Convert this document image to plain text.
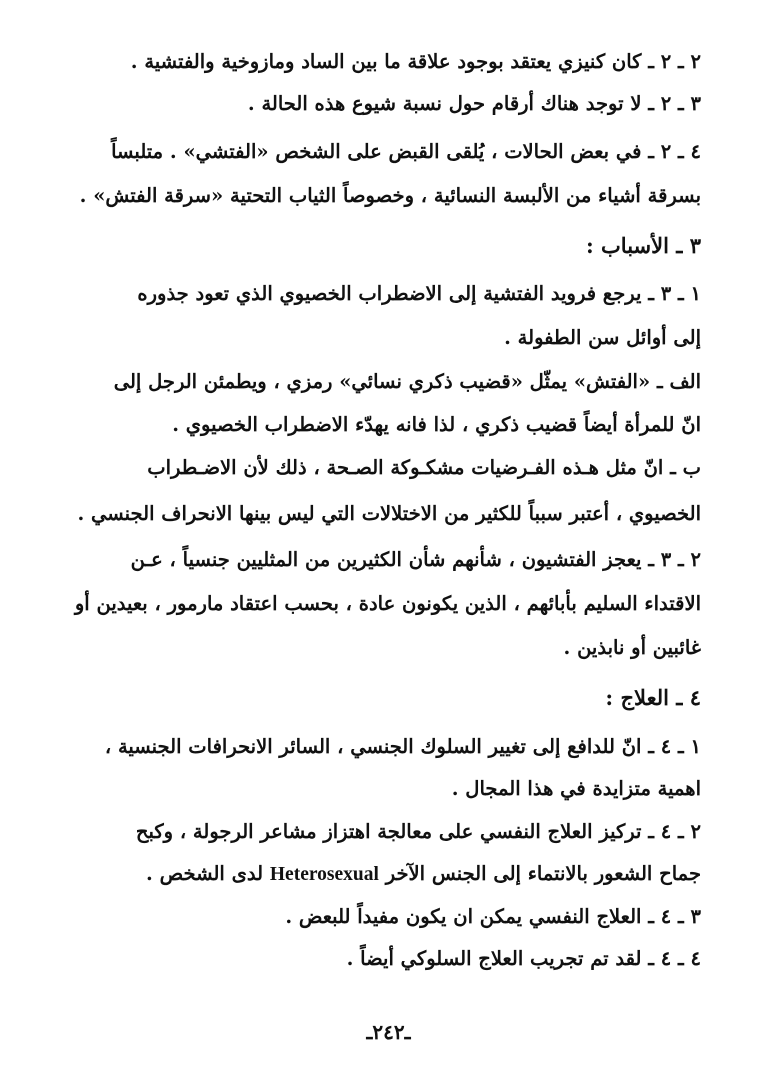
٢ ـ ٢ ـ كان كنيزي يعتقد بوجود علاقة ما بين الساد ومازوخية والفتشية .
٣ ـ ٢ ـ لا توجد هناك أرقام حول نسبة شيوع هذه الحالة .
٤ ـ ٢ ـ في بعض الحالات ، يُلقى القبض على الشخص «الفتشي» . متلبساً
بسرقة أشياء من الألبسة النسائية ، وخصوصاً الثياب التحتية «سرقة الفتش» .
٣ ـ الأسباب :
١ ـ ٣ ـ يرجع فرويد الفتشية إلى الاضطراب الخصيوي الذي تعود جذوره
إلى أوائل سن الطفولة .
الف ـ «الفتش» يمثّل «قضيب ذكري نسائي» رمزي ، ويطمئن الرجل إلى
انّ للمرأة أيضاً قضيب ذكري ، لذا فانه يهدّء الاضطراب الخصيوي .
ب ـ انّ مثل هـذه الفـرضيات مشكـوكة الصـحة ، ذلك لأن الاضـطراب
الخصيوي ، أعتبر سبباً للكثير من الاختلالات التي ليس بينها الانحراف الجنسي .
٢ ـ ٣ ـ يعجز الفتشيون ، شأنهم شأن الكثيرين من المثليين جنسياً ، عـن
الاقتداء السليم بأبائهم ، الذين يكونون عادة ، بحسب اعتقاد مارمور ، بعيدين أو
غائبين أو نابذين .
٤ ـ العلاج :
١ ـ ٤ ـ انّ للدافع إلى تغيير السلوك الجنسي ، السائر الانحرافات الجنسية ،
اهمية متزايدة في هذا المجال .
٢ ـ ٤ ـ تركيز العلاج النفسي على معالجة اهتزاز مشاعر الرجولة ، وكبح
جماح الشعور بالانتماء إلى الجنس الآخر Heterosexual لدى الشخص .
٣ ـ ٤ ـ العلاج النفسي يمكن ان يكون مفيداً للبعض .
٤ ـ ٤ ـ لقد تم تجريب العلاج السلوكي أيضاً .
ـ٢٤٢ـ
